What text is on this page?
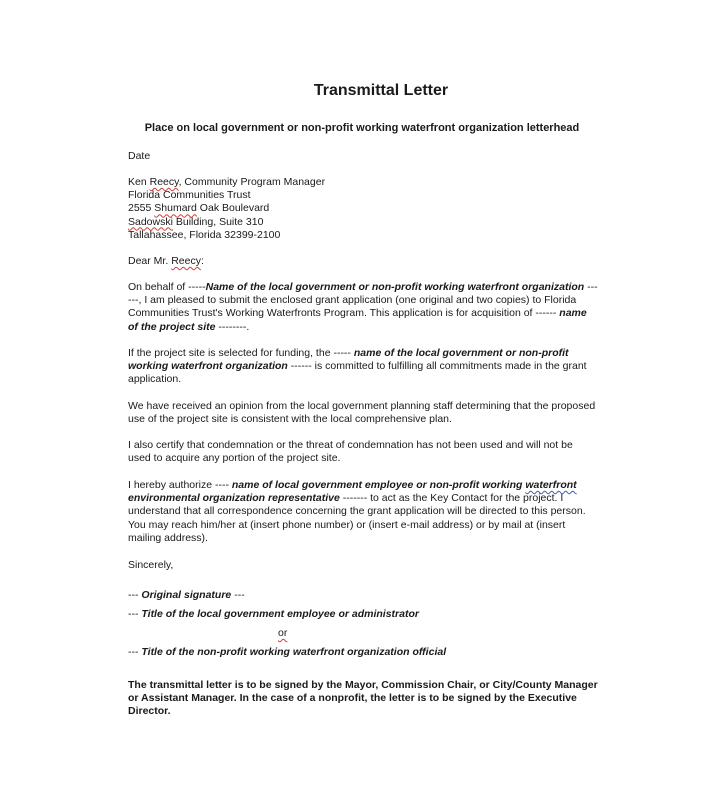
Transmittal Letter
Place on local government or non-profit working waterfront organization letterhead

Date

Ken Reecy, Community Program Manager

Florida Communities Trust

2555 Shumard Oak Boulevard

Sadowski Building, Suite 310

Tallahassee, Florida 32399-2100

Dear Mr. Reecy:

On behalf of -----Name of the local government or non-profit working waterfront organization ------, I am pleased to submit the enclosed grant application (one original and two copies) to Florida Communities Trust's Working Waterfronts Program. This application is for acquisition of ------ name of the project site --------.

If the project site is selected for funding, the ----- name of the local government or non-profit working waterfront organization ------ is committed to fulfilling all commitments made in the grant application.

We have received an opinion from the local government planning staff determining that the proposed use of the project site is consistent with the local comprehensive plan.

I also certify that condemnation or the threat of condemnation has not been used and will not be used to acquire any portion of the project site.

I hereby authorize ---- name of local government employee or non-profit working waterfront environmental organization representative ------- to act as the Key Contact for the project. I understand that all correspondence concerning the grant application will be directed to this person. You may reach him/her at (insert phone number) or (insert e-mail address) or by mail at (insert mailing address).

Sincerely,

--- Original signature ---

--- Title of the local government employee or administrator

or

--- Title of the non-profit working waterfront organization official

The transmittal letter is to be signed by the Mayor, Commission Chair, or City/County Manager or Assistant Manager. In the case of a nonprofit, the letter is to be signed by the Executive Director.
